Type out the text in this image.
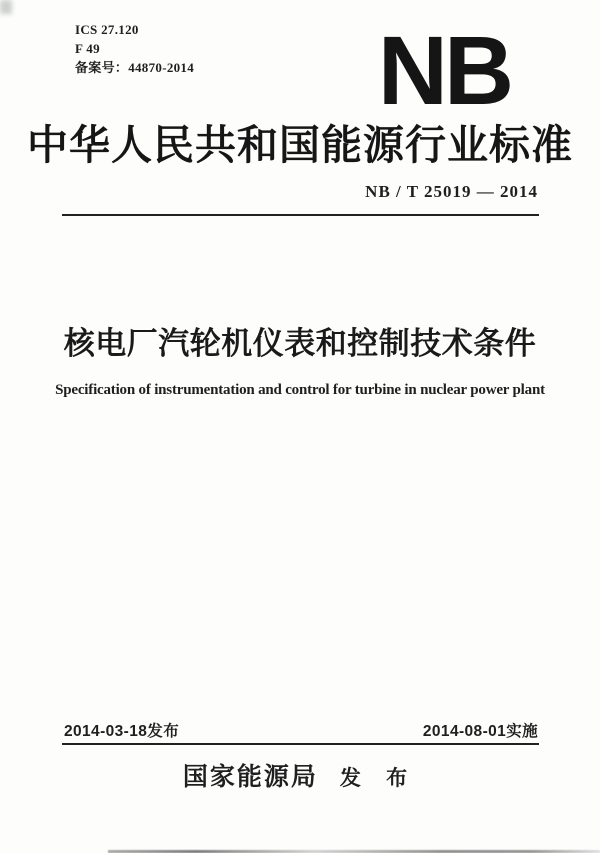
ICS 27.120
F 49
备案号：44870-2014 NB
中华人民共和国能源行业标准
NB / T 25019 — 2014
核电厂汽轮机仪表和控制技术条件
Specification of instrumentation and control for turbine in nuclear power plant
2014-03-18发布	2014-08-01实施
国家能源局 发 布
